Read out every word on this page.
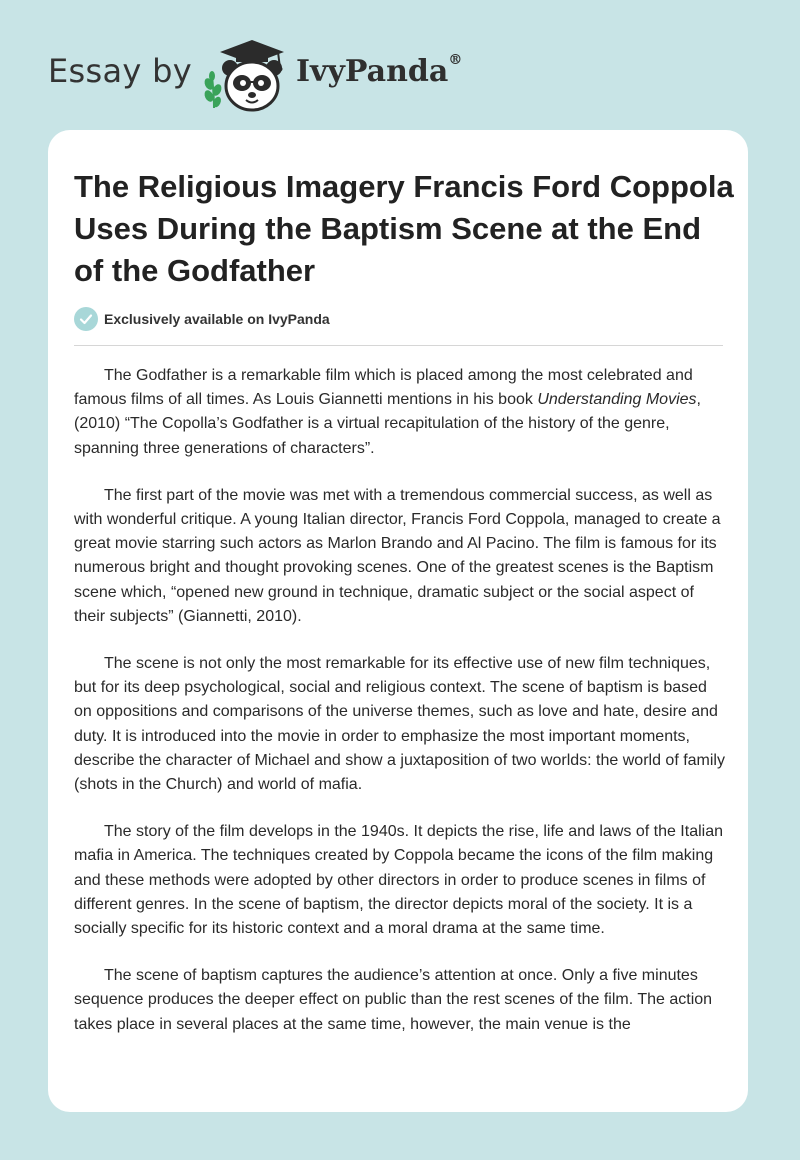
Essay by	IvyPanda®
The Religious Imagery Francis Ford Coppola Uses During the Baptism Scene at the End of the Godfather
Exclusively available on IvyPanda

The Godfather is a remarkable film which is placed among the most celebrated and famous films of all times. As Louis Giannetti mentions in his book Understanding Movies, (2010) “The Copolla’s Godfather is a virtual recapitulation of the history of the genre, spanning three generations of characters”.

The first part of the movie was met with a tremendous commercial success, as well as with wonderful critique. A young Italian director, Francis Ford Coppola, managed to create a great movie starring such actors as Marlon Brando and Al Pacino. The film is famous for its numerous bright and thought provoking scenes. One of the greatest scenes is the Baptism scene which, “opened new ground in technique, dramatic subject or the social aspect of their subjects” (Giannetti, 2010).

The scene is not only the most remarkable for its effective use of new film techniques, but for its deep psychological, social and religious context. The scene of baptism is based on oppositions and comparisons of the universe themes, such as love and hate, desire and duty. It is introduced into the movie in order to emphasize the most important moments, describe the character of Michael and show a juxtaposition of two worlds: the world of family (shots in the Church) and world of mafia.

The story of the film develops in the 1940s. It depicts the rise, life and laws of the Italian mafia in America. The techniques created by Coppola became the icons of the film making and these methods were adopted by other directors in order to produce scenes in films of different genres. In the scene of baptism, the director depicts moral of the society. It is a socially specific for its historic context and a moral drama at the same time.

The scene of baptism captures the audience’s attention at once. Only a five minutes sequence produces the deeper effect on public than the rest scenes of the film. The action takes place in several places at the same time, however, the main venue is the
